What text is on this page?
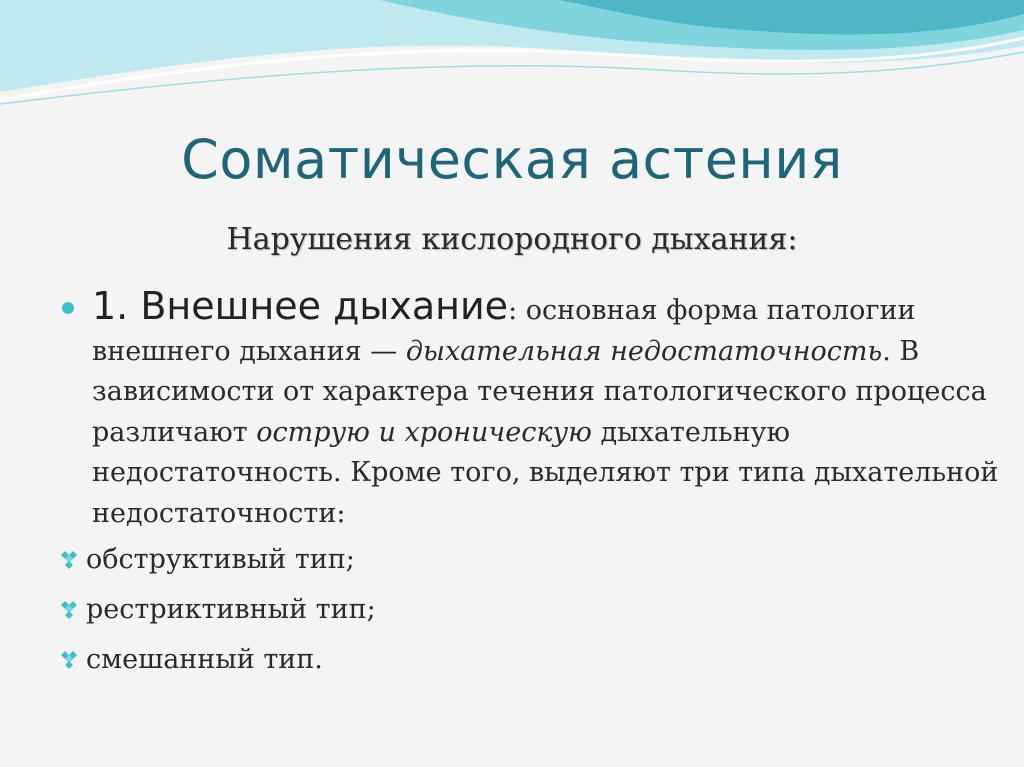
Соматическая астения
Нарушения кислородного дыхания:
1. Внешнее дыхание: основная форма патологии внешнего дыхания — дыхательная недостаточность. В зависимости от характера течения патологического процесса различают острую и хроническую дыхательную недостаточность. Кроме того, выделяют три типа дыхательной недостаточности:
обструктивый тип;
рестриктивный тип;
смешанный тип.
